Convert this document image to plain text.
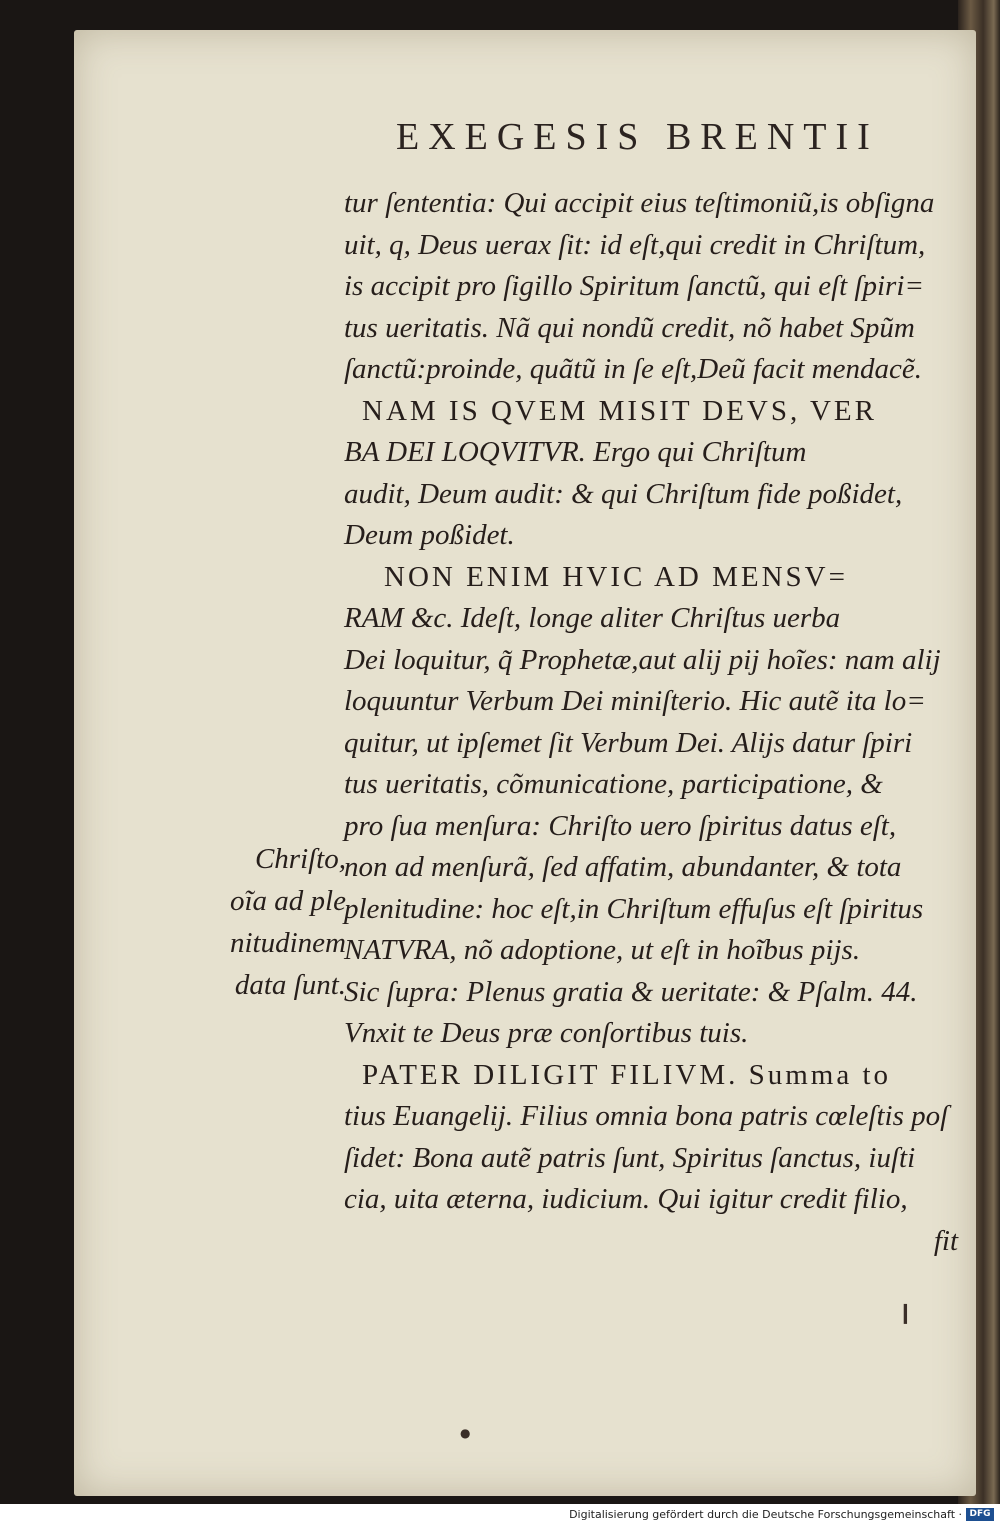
EXEGESIS BRENTII
tur ſententia: Qui accipit eius teſtimoniũ,is obſigna
uit, q, Deus uerax ſit: id eſt,qui credit in Chriſtum,
is accipit pro ſigillo Spiritum ſanctũ, qui eſt ſpiri=
tus ueritatis. Nã qui nondũ credit, nõ habet Spũm
ſanctũ:proinde, quãtũ in ſe eſt,Deũ facit mendacẽ.
NAM IS QVEM MISIT DEVS, VER
BA DEI LOQVITVR. Ergo qui Chriſtum
audit, Deum audit: & qui Chriſtum fide poßidet,
Deum poßidet.
NON ENIM HVIC AD MENSV=
RAM &c. Ideſt, longe aliter Chriſtus uerba
Dei loquitur, q̃ Prophetæ,aut alij pij hoĩes: nam alij
loquuntur Verbum Dei miniſterio. Hic autẽ ita lo=
quitur, ut ipſemet ſit Verbum Dei. Alijs datur ſpiri
tus ueritatis, cõmunicatione, participatione, &
pro ſua menſura: Chriſto uero ſpiritus datus eſt,
non ad menſurã, ſed affatim, abundanter, & tota
plenitudine: hoc eſt,in Chriſtum effuſus eſt ſpiritus
NATVRA, nõ adoptione, ut eſt in hoĩbus pijs.
Sic ſupra: Plenus gratia & ueritate: & Pſalm. 44.
Vnxit te Deus præ conſortibus tuis.
PATER DILIGIT FILIVM. Summa to
tius Euangelij. Filius omnia bona patris cœleſtis poſ
ſidet: Bona autẽ patris ſunt, Spiritus ſanctus, iuſti
cia, uita æterna, iudicium. Qui igitur credit filio,
fit
Chriſto,
oĩa ad ple
nitudinem
data ſunt.
❙
●
Digitalisierung gefördert durch die Deutsche Forschungsgemeinschaft · DFG
